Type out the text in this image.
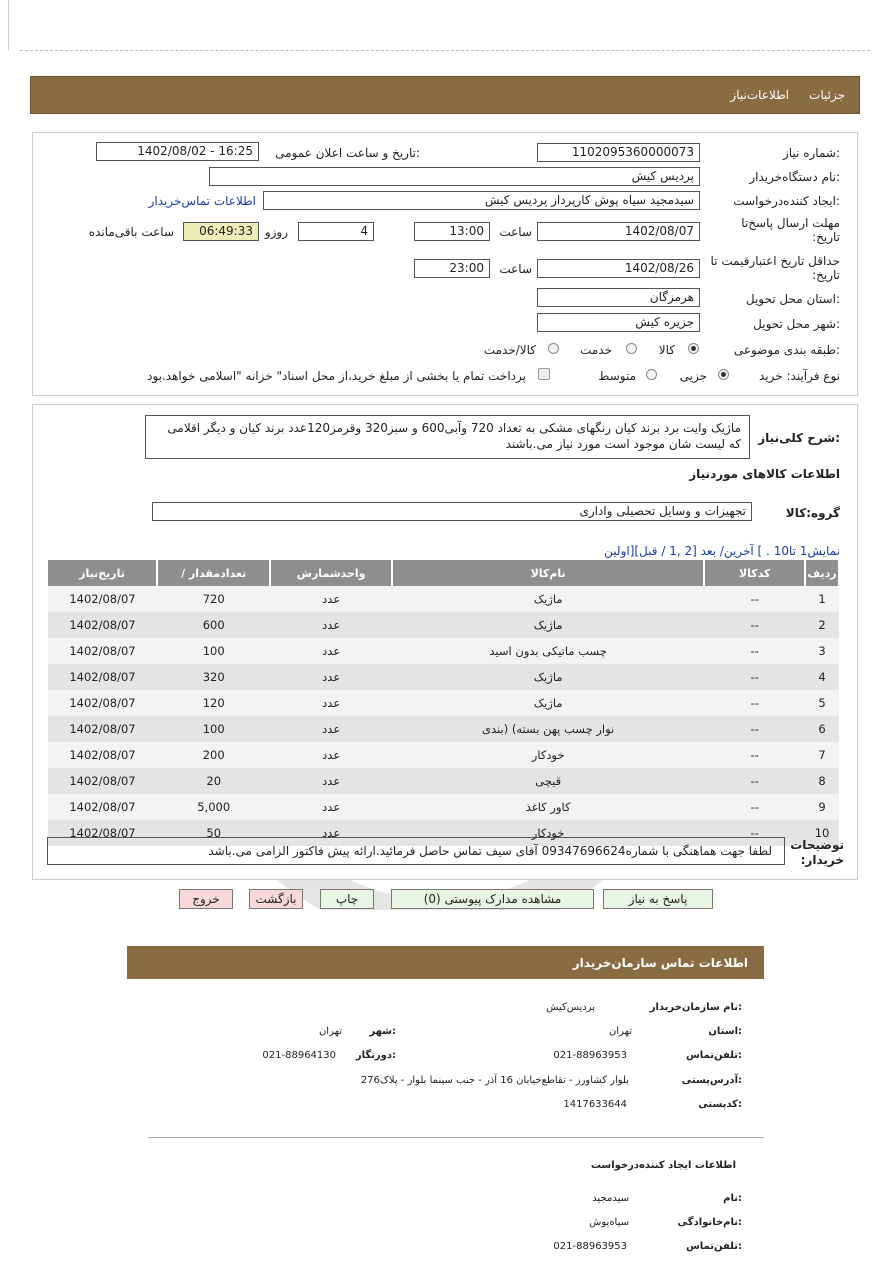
جزئیات
اطلاعات‌نیاز
شماره نیاز:
1102095360000073
تاریخ و ساعت اعلان عمومی:
1402/08/02 - 16:25
نام دستگاه‌خریدار:
پردیس کیش
ایجاد کننده‌درخواست:
سیدمجید سیاه پوش کارپرداز پردیس کیش
اطلاعات تماس‌خریدار
مهلت ارسال پاسخ‌تا تاریخ:
1402/08/07
ساعت
13:00
4
روزو
06:49:33
ساعت باقی‌مانده
حداقل تاریخ اعتبار‌قیمت تا تاریخ:
1402/08/26
ساعت
23:00
استان محل تحویل:
هرمزگان
شهر محل تحویل:
جزیره کیش
طبقه بندی موضوعی:
کالا
خدمت
کالا/خدمت
نوع فرآیند: خرید
جزیی
متوسط
پرداخت تمام یا بخشی از مبلغ خرید،از محل اسناد" خزانه "اسلامی خواهد.بود
شرح کلی‌نیاز:
ماژیک وایت برد برند کیان رنگهای مشکی به تعداد 720 وآبی600 و سبز320 وقرمز120عدد برند کیان و دیگر اقلامی که لیست شان موجود است مورد نیاز می.باشند
اطلاعات کالاهای موردنیاز
گروه:کالا
تجهیزات و وسایل تحصیلی واداری
نمایش1 تا10 . ] آخرین/ بعد [2 ,1 / قبل][اولین
ردیف	کدکالا	نام‌کالا	واحدشمارش	تعداد‌مقدار /	تاریخ‌نیاز
1	--	ماژیک	عدد	720	1402/08/07
2	--	ماژیک	عدد	600	1402/08/07
3	--	چسب ماتیکی بدون اسید	عدد	100	1402/08/07
4	--	ماژیک	عدد	320	1402/08/07
5	--	ماژیک	عدد	120	1402/08/07
6	--	نوار چسب پهن بسته) (بندی	عدد	100	1402/08/07
7	--	خودکار	عدد	200	1402/08/07
8	--	قیچی	عدد	20	1402/08/07
9	--	کاور کاغذ	عدد	5,000	1402/08/07
10	--	خودکار	عدد	50	1402/08/07
توضیحات خریدار:
لطفا جهت هماهنگی با شماره09347696624 آقای سیف تماس حاصل فرمائید.ارائه پیش فاکتور الزامی می.باشد
پاسخ به نیاز
مشاهده مدارک پیوستی (0)
چاپ
بازگشت
خروج
اطلاعات تماس سازمان‌خریدار
نام سازمان‌خریدار:
پردیس‌کیش
استان:
تهران
شهر:
تهران
تلفن‌تماس:
021-88963953
دورنگار:
021-88964130
آدرس‌پستی:
بلوار کشاورز - تقاطع‌خیابان 16 آذر - جنب سینما بلوار - پلاک276
کدپستی:
1417633644
اطلاعات ایجاد کننده‌درخواست
نام:
سیدمجید
نام‌خانوادگی:
سیاه‌پوش
تلفن‌تماس:
021-88963953
